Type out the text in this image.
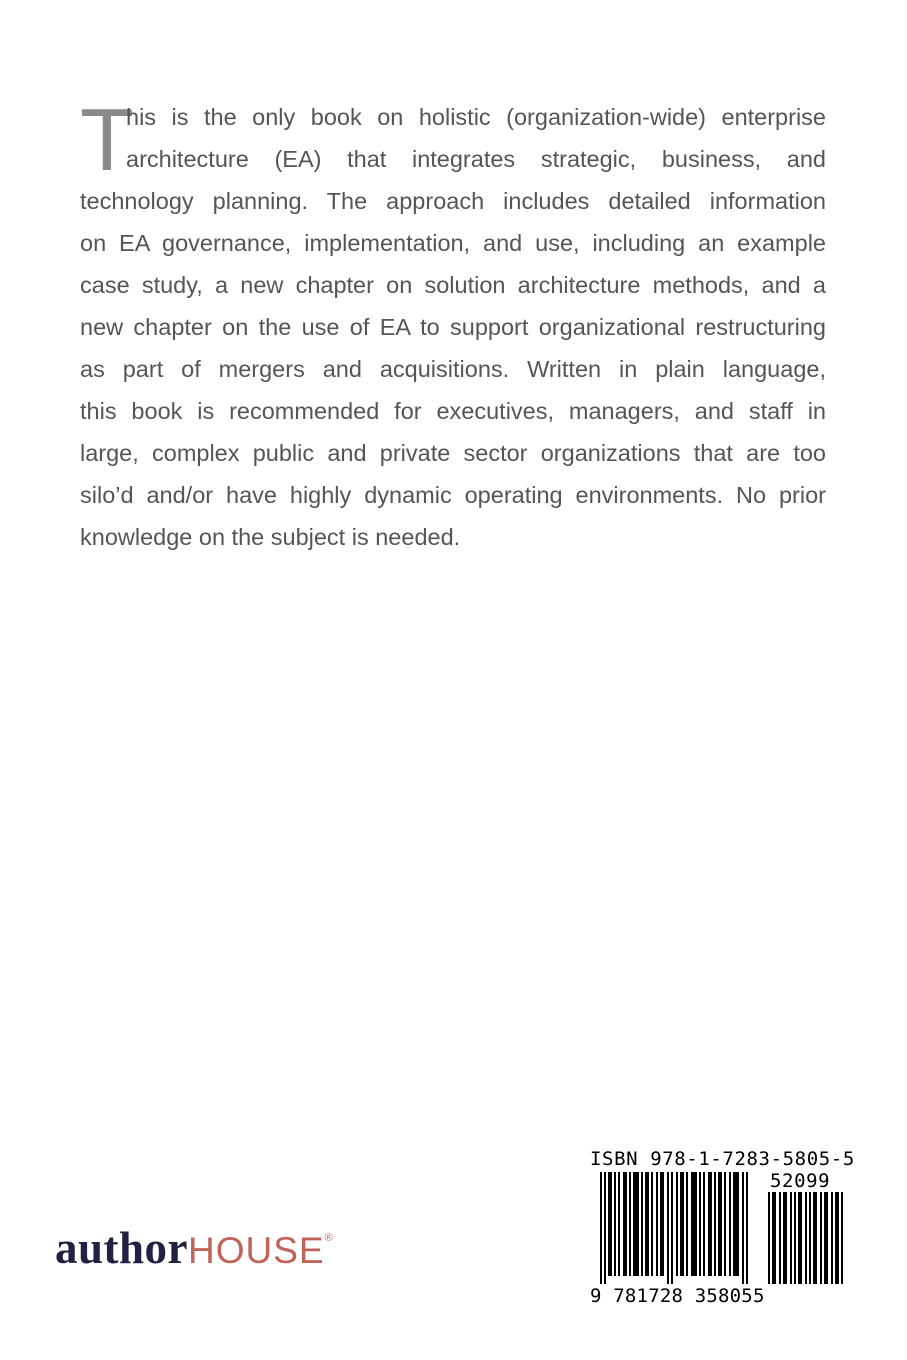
T
his is the only book on holistic (organization-wide) enterprise
architecture (EA) that integrates strategic, business, and
technology planning. The approach includes detailed information
on EA governance, implementation, and use, including an example
case study, a new chapter on solution architecture methods, and a
new chapter on the use of EA to support organizational restructuring
as part of mergers and acquisitions. Written in plain language,
this book is recommended for executives, managers, and staff in
large, complex public and private sector organizations that are too
silo’d and/or have highly dynamic operating environments. No prior
knowledge on the subject is needed.
authorHOUSE®
ISBN 978-1-7283-5805-5
52099
9 781728 358055
